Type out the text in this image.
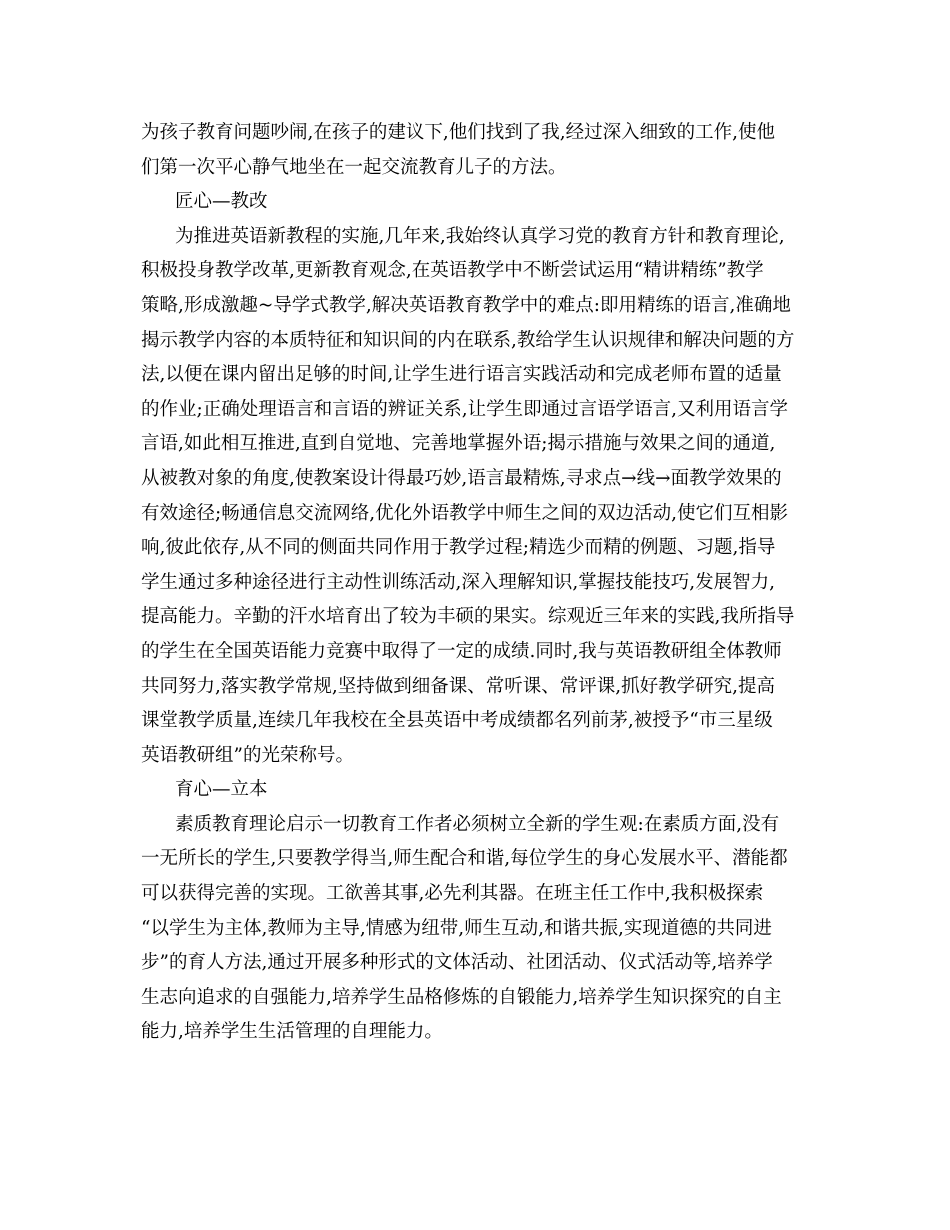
为孩子教育问题吵闹,在孩子的建议下,他们找到了我,经过深入细致的工作,使他
们第一次平心静气地坐在一起交流教育儿子的方法。
匠心—教改
为推进英语新教程的实施,几年来,我始终认真学习党的教育方针和教育理论,
积极投身教学改革,更新教育观念,在英语教学中不断尝试运用“精讲精练”教学
策略,形成激趣~导学式教学,解决英语教育教学中的难点:即用精练的语言,准确地
揭示教学内容的本质特征和知识间的内在联系,教给学生认识规律和解决问题的方
法,以便在课内留出足够的时间,让学生进行语言实践活动和完成老师布置的适量
的作业;正确处理语言和言语的辨证关系,让学生即通过言语学语言,又利用语言学
言语,如此相互推进,直到自觉地、完善地掌握外语;揭示措施与效果之间的通道,
从被教对象的角度,使教案设计得最巧妙,语言最精炼,寻求点→线→面教学效果的
有效途径;畅通信息交流网络,优化外语教学中师生之间的双边活动,使它们互相影
响,彼此依存,从不同的侧面共同作用于教学过程;精选少而精的例题、习题,指导
学生通过多种途径进行主动性训练活动,深入理解知识,掌握技能技巧,发展智力,
提高能力。辛勤的汗水培育出了较为丰硕的果实。综观近三年来的实践,我所指导
的学生在全国英语能力竞赛中取得了一定的成绩.同时,我与英语教研组全体教师
共同努力,落实教学常规,坚持做到细备课、常听课、常评课,抓好教学研究,提高
课堂教学质量,连续几年我校在全县英语中考成绩都名列前茅,被授予“市三星级
英语教研组”的光荣称号。
育心—立本
素质教育理论启示一切教育工作者必须树立全新的学生观:在素质方面,没有
一无所长的学生,只要教学得当,师生配合和谐,每位学生的身心发展水平、潜能都
可以获得完善的实现。工欲善其事,必先利其器。在班主任工作中,我积极探索
“以学生为主体,教师为主导,情感为纽带,师生互动,和谐共振,实现道德的共同进
步”的育人方法,通过开展多种形式的文体活动、社团活动、仪式活动等,培养学
生志向追求的自强能力,培养学生品格修炼的自锻能力,培养学生知识探究的自主
能力,培养学生生活管理的自理能力。
